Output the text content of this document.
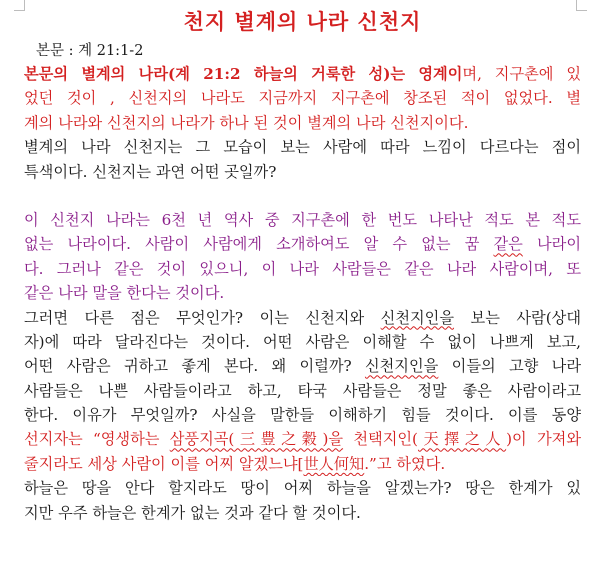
천지 별계의 나라 신천지
본문 : 계 21:1-2
본문의 별계의 나라(계 21:2 하늘의 거룩한 성)는 영계이며, 지구촌에 있
었던 것이 , 신천지의 나라도 지금까지 지구촌에 창조된 적이 없었다. 별
계의 나라와 신천지의 나라가 하나 된 것이 별계의 나라 신천지이다.
별계의 나라 신천지는 그 모습이 보는 사람에 따라 느낌이 다르다는 점이
특색이다. 신천지는 과연 어떤 곳일까?
이 신천지 나라는 6천 년 역사 중 지구촌에 한 번도 나타난 적도 본 적도
없는 나라이다. 사람이 사람에게 소개하여도 알 수 없는 꿈 같은 나라이
다. 그러나 같은 것이 있으니, 이 나라 사람들은 같은 나라 사람이며, 또
같은 나라 말을 한다는 것이다.
그러면 다른 점은 무엇인가? 이는 신천지와 신천지인을 보는 사람(상대
자)에 따라 달라진다는 것이다. 어떤 사람은 이해할 수 없이 나쁘게 보고,
어떤 사람은 귀하고 좋게 본다. 왜 이럴까? 신천지인을 이들의 고향 나라
사람들은 나쁜 사람들이라고 하고, 타국 사람들은 정말 좋은 사람이라고
한다. 이유가 무엇일까? 사실을 말한들 이해하기 힘들 것이다. 이를 동양
선지자는 “영생하는 삼풍지곡(三豊之穀)을 천택지인(天擇之人)이 가져와
줄지라도 세상 사람이 이를 어찌 알겠느냐[世人何知.”고 하였다.
하늘은 땅을 안다 할지라도 땅이 어찌 하늘을 알겠는가? 땅은 한계가 있
지만 우주 하늘은 한계가 없는 것과 같다 할 것이다.
